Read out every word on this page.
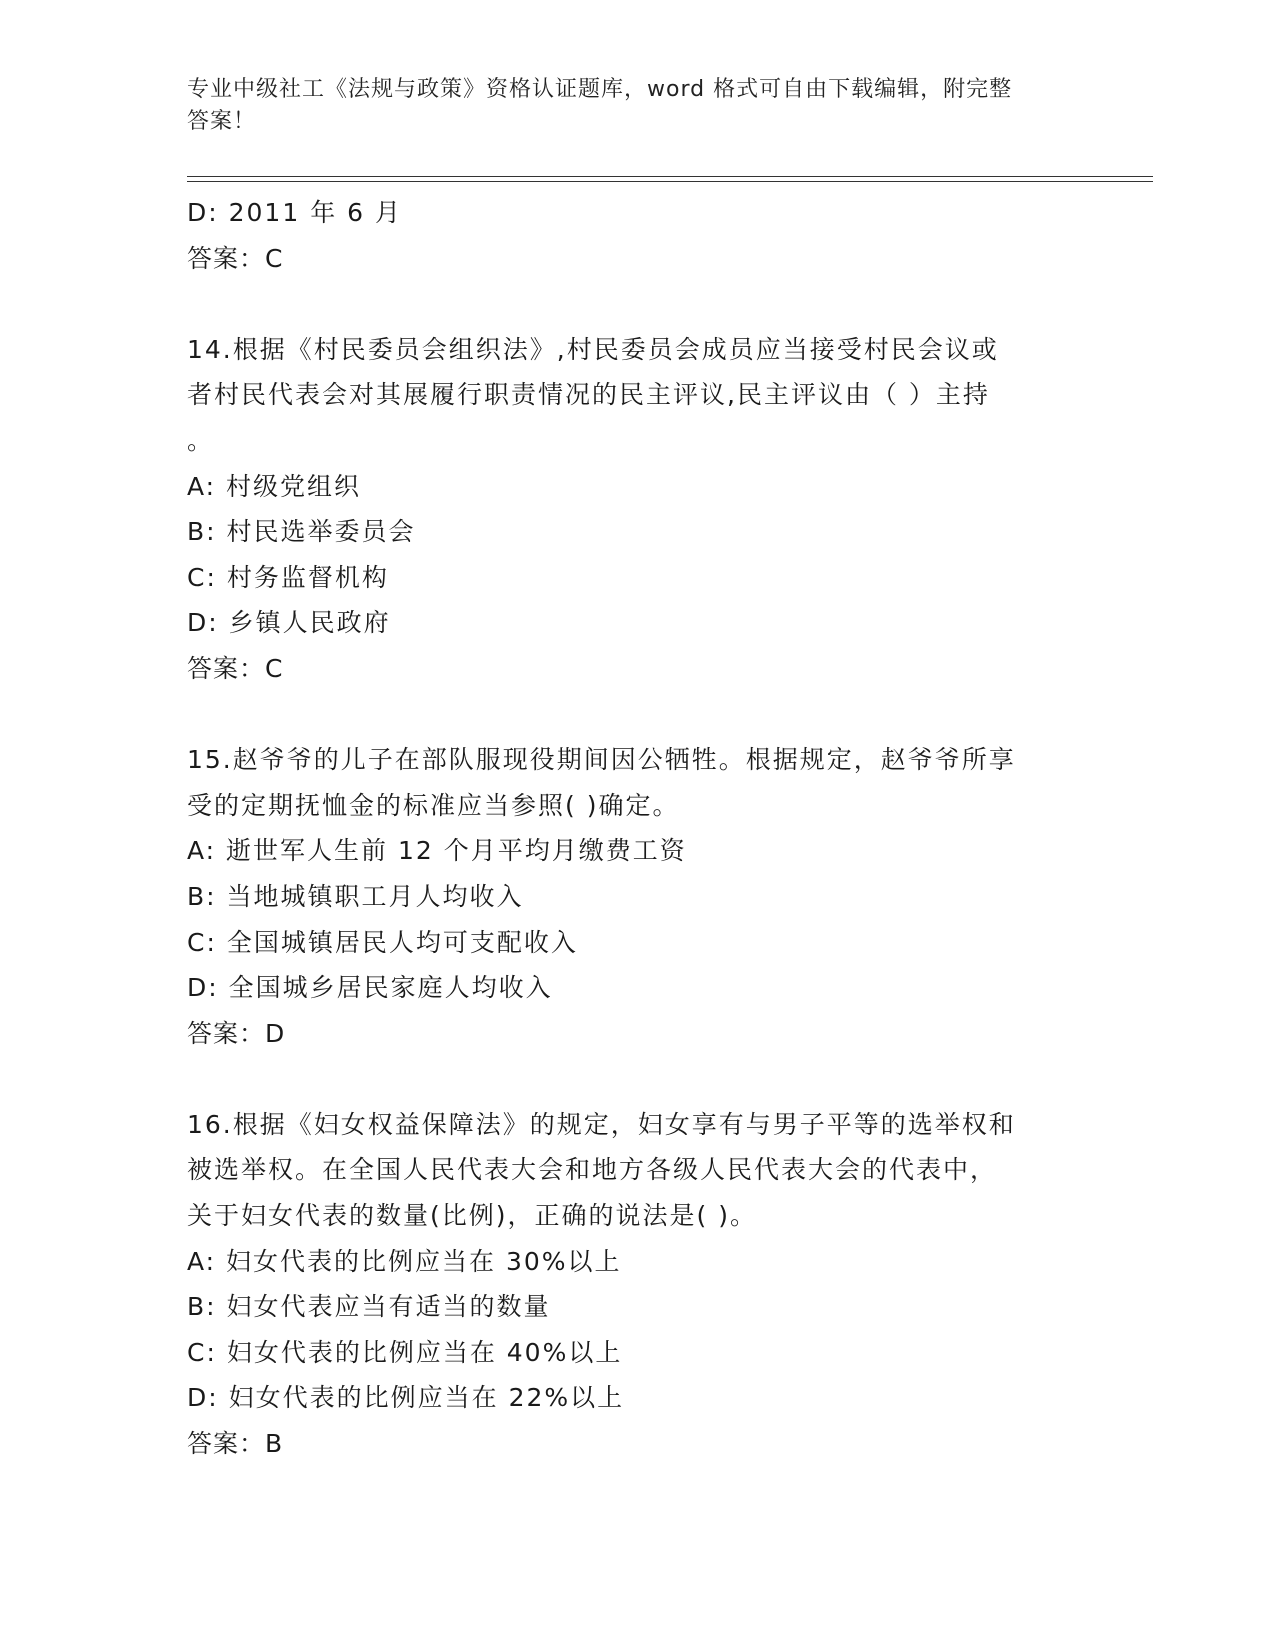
专业中级社工《法规与政策》资格认证题库，word 格式可自由下载编辑，附完整
答案！
D: 2011 年 6 月
答案：C
14.根据《村民委员会组织法》,村民委员会成员应当接受村民会议或
者村民代表会对其展履行职责情况的民主评议,民主评议由（ ）主持
。
A: 村级党组织
B: 村民选举委员会
C: 村务监督机构
D: 乡镇人民政府
答案：C
15.赵爷爷的儿子在部队服现役期间因公牺牲。根据规定，赵爷爷所享
受的定期抚恤金的标准应当参照( )确定。
A: 逝世军人生前 12 个月平均月缴费工资
B: 当地城镇职工月人均收入
C: 全国城镇居民人均可支配收入
D: 全国城乡居民家庭人均收入
答案：D
16.根据《妇女权益保障法》的规定，妇女享有与男子平等的选举权和
被选举权。在全国人民代表大会和地方各级人民代表大会的代表中，
关于妇女代表的数量(比例)，正确的说法是( )。
A: 妇女代表的比例应当在 30%以上
B: 妇女代表应当有适当的数量
C: 妇女代表的比例应当在 40%以上
D: 妇女代表的比例应当在 22%以上
答案：B
